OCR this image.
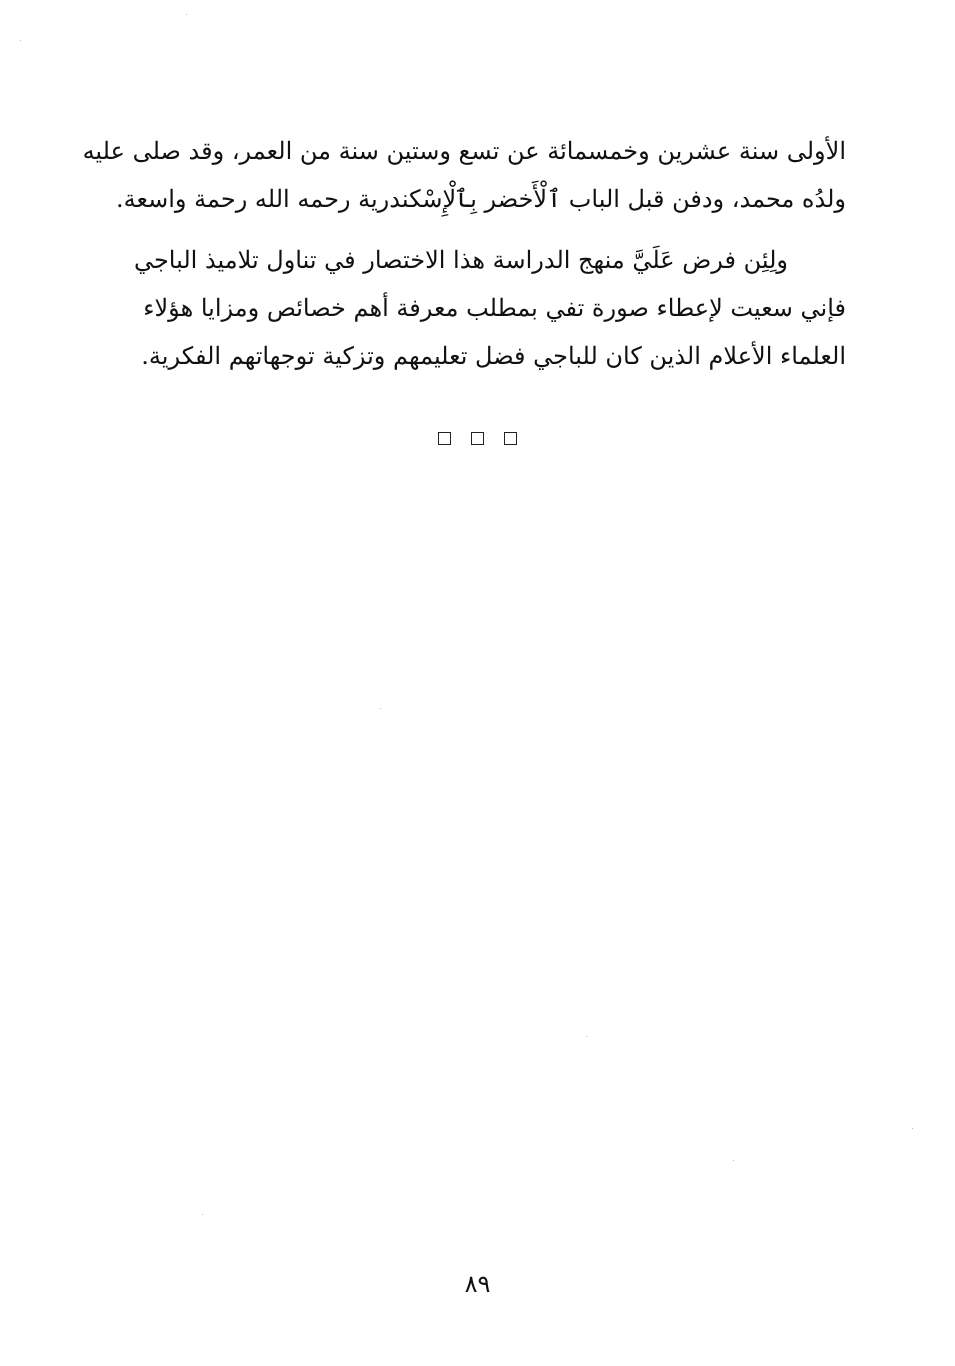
الأولى سنة عشرين وخمسمائة عن تسع وستين سنة من العمر، وقد صلى عليه
ولدُه محمد، ودفن قبل الباب ٱلْأَخضر بِٱلْإِسْكندرية رحمه الله رحمة واسعة.

ولِئِن فرض عَلَيَّ منهج الدراسة هذا الاختصار في تناول تلاميذ الباجي
فإني سعيت لإعطاء صورة تفي بمطلب معرفة أهم خصائص ومزايا هؤلاء
العلماء الأعلام الذين كان للباجي فضل تعليمهم وتزكية توجهاتهم الفكرية.

٨٩
